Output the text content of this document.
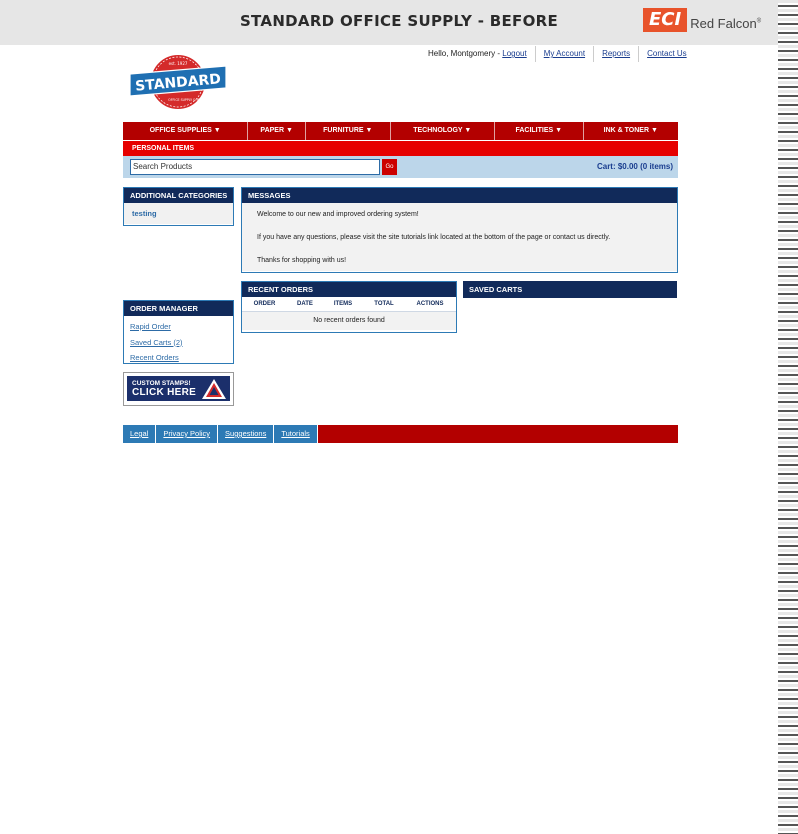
STANDARD OFFICE SUPPLY - BEFORE	ECI Red Falcon®
Hello, Montgomery - Logout	My Account	Reports	Contact Us
est. 1927
STANDARD
OFFICE SUPPLY & PRINTING
OFFICE SUPPLIES ▼	PAPER ▼	FURNITURE ▼	TECHNOLOGY ▼	FACILITIES ▼	INK & TONER ▼
PERSONAL ITEMS
Search Products	Go	Cart: $0.00 (0 items)
ADDITIONAL CATEGORIES
testing
MESSAGES

Welcome to our new and improved ordering system!

If you have any questions, please visit the site tutorials link located at the bottom of the page or contact us directly.

Thanks for shopping with us!

ORDER MANAGER
Rapid Order
Saved Carts (2)
Recent Orders
RECENT ORDERS
ORDER	DATE	ITEMS	TOTAL	ACTIONS
No recent orders found
SAVED CARTS
CUSTOM STAMPS!
CLICK HERE
Legal	Privacy Policy	Suggestions	Tutorials
